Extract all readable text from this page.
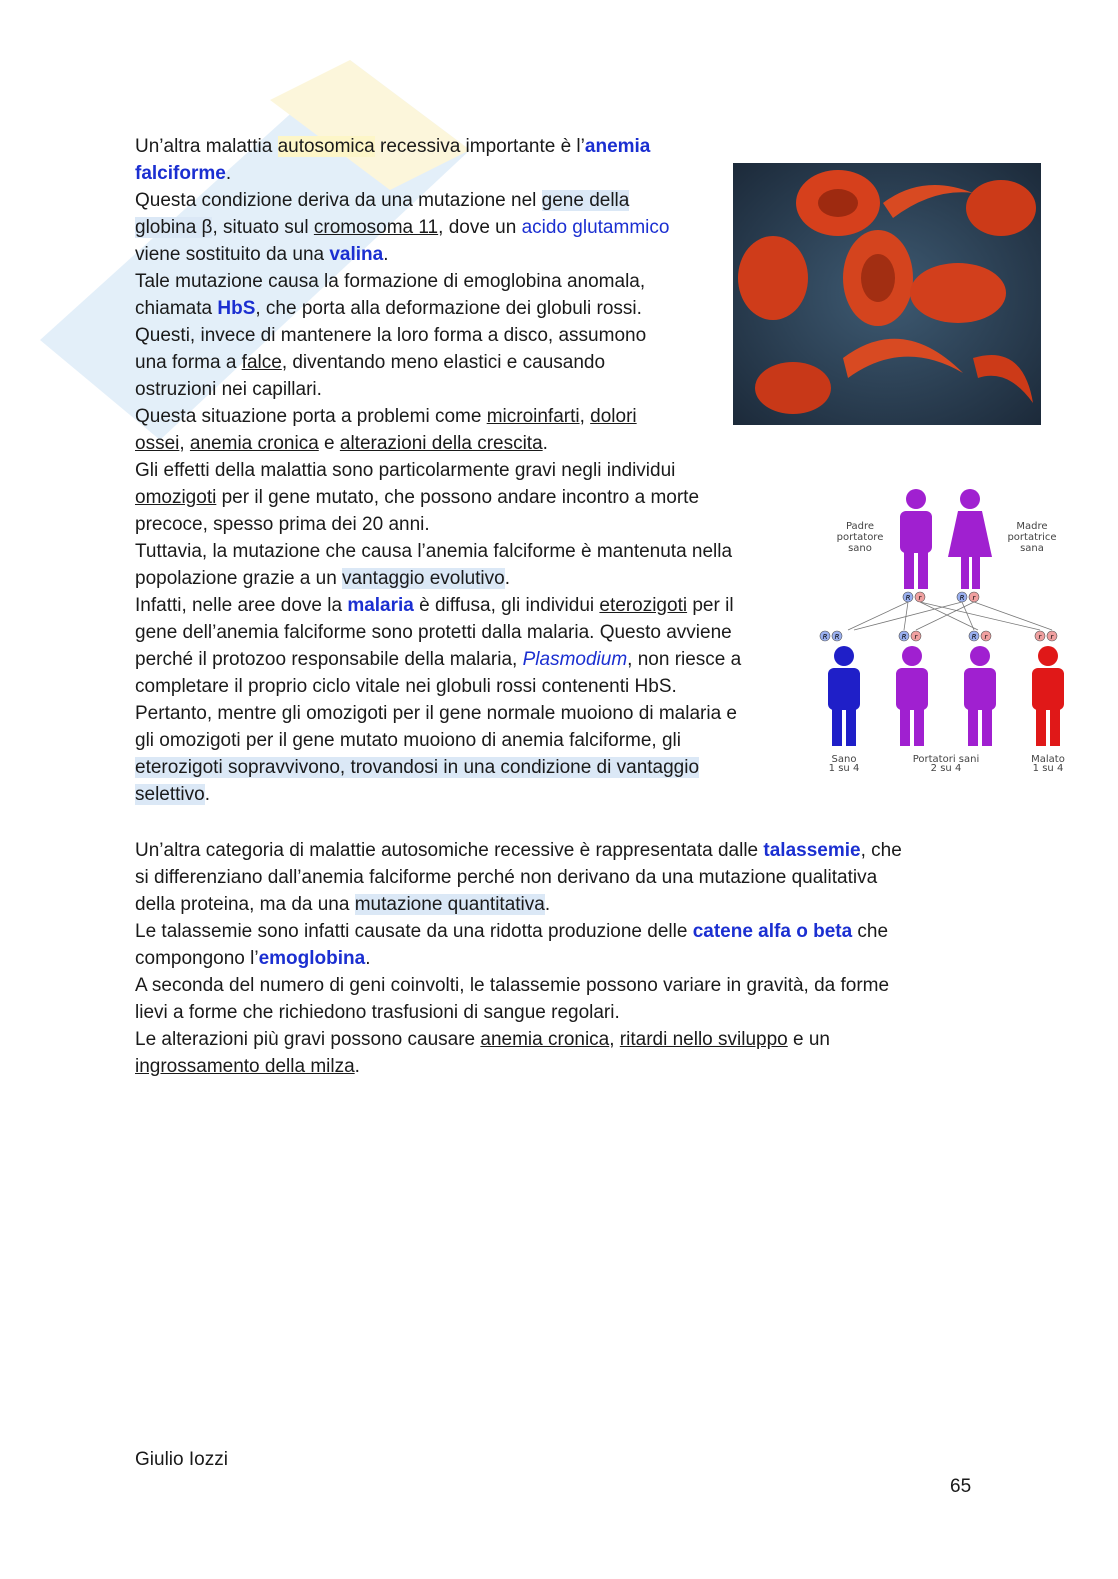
Un’altra malattia autosomica recessiva importante è l’anemia
falciforme.
Questa condizione deriva da una mutazione nel gene della
globina β, situato sul cromosoma 11, dove un acido glutammico
viene sostituito da una valina.
Tale mutazione causa la formazione di emoglobina anomala,
chiamata HbS, che porta alla deformazione dei globuli rossi.
Questi, invece di mantenere la loro forma a disco, assumono
una forma a falce, diventando meno elastici e causando
ostruzioni nei capillari.
Questa situazione porta a problemi come microinfarti, dolori
ossei, anemia cronica e alterazioni della crescita.
Gli effetti della malattia sono particolarmente gravi negli individui
omozigoti per il gene mutato, che possono andare incontro a morte
precoce, spesso prima dei 20 anni.
Tuttavia, la mutazione che causa l’anemia falciforme è mantenuta nella
popolazione grazie a un vantaggio evolutivo.
Infatti, nelle aree dove la malaria è diffusa, gli individui eterozigoti per il
gene dell’anemia falciforme sono protetti dalla malaria. Questo avviene
perché il protozoo responsabile della malaria, Plasmodium, non riesce a
completare il proprio ciclo vitale nei globuli rossi contenenti HbS.
Pertanto, mentre gli omozigoti per il gene normale muoiono di malaria e
gli omozigoti per il gene mutato muoiono di anemia falciforme, gli
eterozigoti sopravvivono, trovandosi in una condizione di vantaggio
selettivo.
Un’altra categoria di malattie autosomiche recessive è rappresentata dalle talassemie, che
si differenziano dall’anemia falciforme perché non derivano da una mutazione qualitativa
della proteina, ma da una mutazione quantitativa.
Le talassemie sono infatti causate da una ridotta produzione delle catene alfa o beta che
compongono l’emoglobina.
A seconda del numero di geni coinvolti, le talassemie possono variare in gravità, da forme
lievi a forme che richiedono trasfusioni di sangue regolari.
Le alterazioni più gravi possono causare anemia cronica, ritardi nello sviluppo e un
ingrossamento della milza.
Padre
portatore
sano
Madre
portatrice
sana
R r	R r
R R	R r	R r	r r
Sano
1 su 4
Portatori sani
2 su 4
Malato
1 su 4
Giulio Iozzi
65
